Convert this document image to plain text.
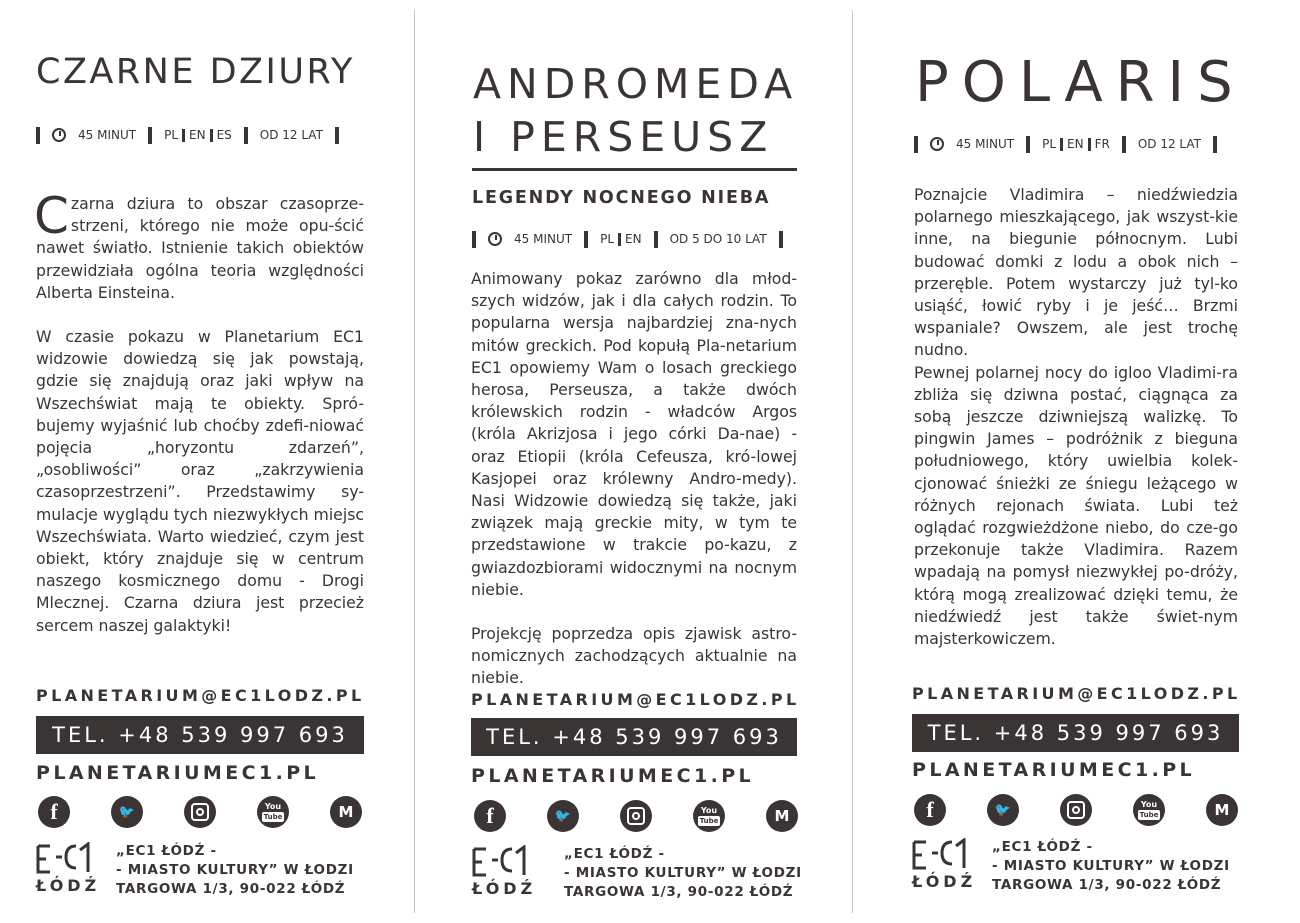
CZARNE DZIURY
45 MINUT PL EN ES OD 12 LAT

Czarna dziura to obszar czasoprze-strzeni, którego nie może opu-ścić nawet światło. Istnienie takich obiektów przewidziała ogólna teoria względności Alberta Einsteina.

W czasie pokazu w Planetarium EC1 widzowie dowiedzą się jak powstają, gdzie się znajdują oraz jaki wpływ na Wszechświat mają te obiekty. Spró-bujemy wyjaśnić lub choćby zdefi-niować pojęcia „horyzontu zdarzeń”, „osobliwości” oraz „zakrzywienia czasoprzestrzeni”. Przedstawimy sy-mulacje wyglądu tych niezwykłych miejsc Wszechświata. Warto wiedzieć, czym jest obiekt, który znajduje się w centrum naszego kosmicznego domu - Drogi Mlecznej. Czarna dziura jest przecież sercem naszej galaktyki!

PLANETARIUM@EC1LODZ.PL
TEL. +48 539 997 693
PLANETARIUMEC1.PL
f	🐦	You
Tube	M
ŁÓDŹ
„EC1 ŁÓDŹ -
- MIASTO KULTURY” W ŁODZI
TARGOWA 1/3, 90-022 ŁÓDŹ
ANDROMEDA
I PERSEUSZ
LEGENDY NOCNEGO NIEBA
45 MINUT PL EN OD 5 DO 10 LAT

Animowany pokaz zarówno dla młod-szych widzów, jak i dla całych rodzin. To popularna wersja najbardziej zna-nych mitów greckich. Pod kopułą Pla-netarium EC1 opowiemy Wam o losach greckiego herosa, Perseusza, a także dwóch królewskich rodzin - władców Argos (króla Akrizjosa i jego córki Da-nae) - oraz Etiopii (króla Cefeusza, kró-lowej Kasjopei oraz królewny Andro-medy). Nasi Widzowie dowiedzą się także, jaki związek mają greckie mity, w tym te przedstawione w trakcie po-kazu, z gwiazdozbiorami widocznymi na nocnym niebie.

Projekcję poprzedza opis zjawisk astro-nomicznych zachodzących aktualnie na niebie.

PLANETARIUM@EC1LODZ.PL
TEL. +48 539 997 693
PLANETARIUMEC1.PL
f	🐦	You
Tube	M
ŁÓDŹ
„EC1 ŁÓDŹ -
- MIASTO KULTURY” W ŁODZI
TARGOWA 1/3, 90-022 ŁÓDŹ
POLARIS
45 MINUT PL EN FR OD 12 LAT

Poznajcie Vladimira – niedźwiedzia polarnego mieszkającego, jak wszyst-kie inne, na biegunie północnym. Lubi budować domki z lodu a obok nich – przeręble. Potem wystarczy już tyl-ko usiąść, łowić ryby i je jeść… Brzmi wspaniale? Owszem, ale jest trochę nudno.

Pewnej polarnej nocy do igloo Vladimi-ra zbliża się dziwna postać, ciągnąca za sobą jeszcze dziwniejszą walizkę. To pingwin James – podróżnik z bieguna południowego, który uwielbia kolek-cjonować śnieżki ze śniegu leżącego w różnych rejonach świata. Lubi też oglądać rozgwieżdżone niebo, do cze-go przekonuje także Vladimira. Razem wpadają na pomysł niezwykłej po-dróży, którą mogą zrealizować dzięki temu, że niedźwiedź jest także świet-nym majsterkowiczem.

PLANETARIUM@EC1LODZ.PL
TEL. +48 539 997 693
PLANETARIUMEC1.PL
f	🐦	You
Tube	M
ŁÓDŹ
„EC1 ŁÓDŹ -
- MIASTO KULTURY” W ŁODZI
TARGOWA 1/3, 90-022 ŁÓDŹ
